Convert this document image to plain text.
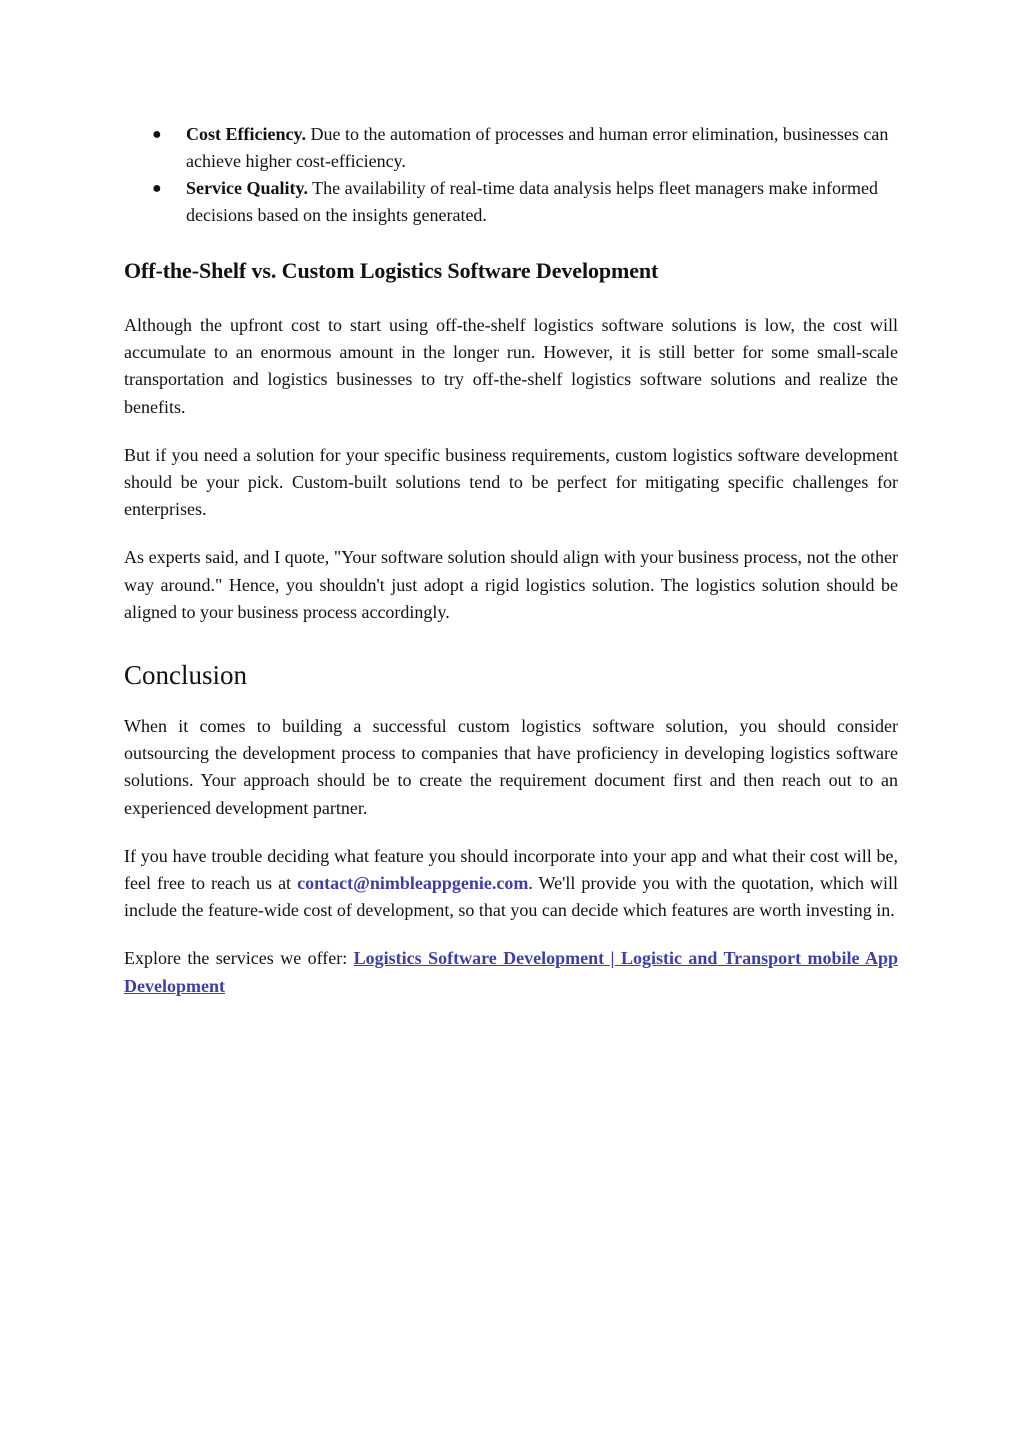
● Cost Efficiency. Due to the automation of processes and human error elimination, businesses can achieve higher cost-efficiency.
● Service Quality. The availability of real-time data analysis helps fleet managers make informed decisions based on the insights generated.
Off-the-Shelf vs. Custom Logistics Software Development

Although the upfront cost to start using off-the-shelf logistics software solutions is low, the cost will accumulate to an enormous amount in the longer run. However, it is still better for some small-scale transportation and logistics businesses to try off-the-shelf logistics software solutions and realize the benefits.

But if you need a solution for your specific business requirements, custom logistics software development should be your pick. Custom-built solutions tend to be perfect for mitigating specific challenges for enterprises.

As experts said, and I quote, "Your software solution should align with your business process, not the other way around." Hence, you shouldn't just adopt a rigid logistics solution. The logistics solution should be aligned to your business process accordingly.

Conclusion

When it comes to building a successful custom logistics software solution, you should consider outsourcing the development process to companies that have proficiency in developing logistics software solutions. Your approach should be to create the requirement document first and then reach out to an experienced development partner.

If you have trouble deciding what feature you should incorporate into your app and what their cost will be, feel free to reach us at contact@nimbleappgenie.com. We'll provide you with the quotation, which will include the feature-wide cost of development, so that you can decide which features are worth investing in.

Explore the services we offer: Logistics Software Development | Logistic and Transport mobile App Development
